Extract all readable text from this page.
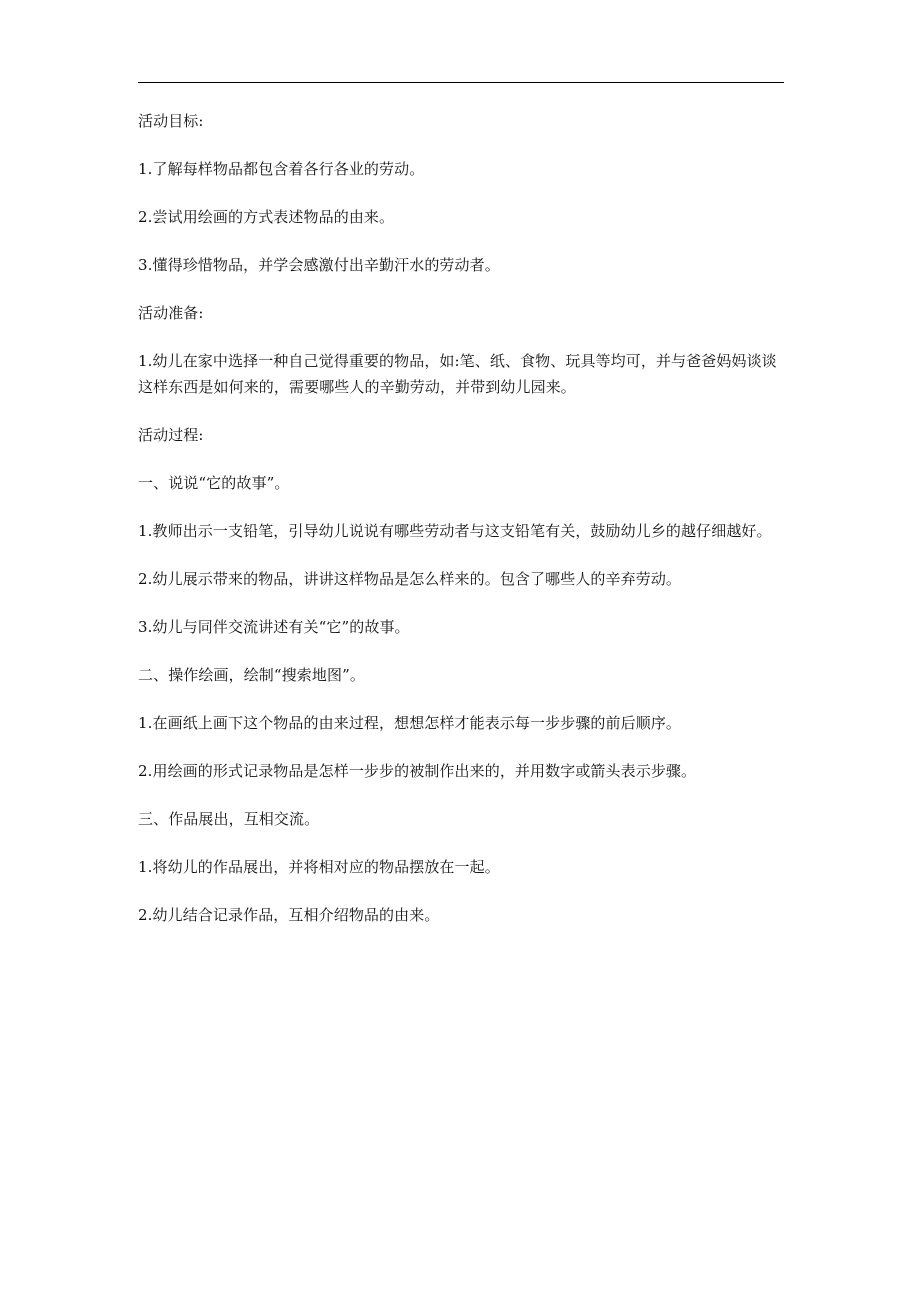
活动目标:

1.了解每样物品都包含着各行各业的劳动。

2.尝试用绘画的方式表述物品的由来。

3.懂得珍惜物品，并学会感激付出辛勤汗水的劳动者。

活动准备:

1.幼儿在家中选择一种自己觉得重要的物品，如:笔、纸、食物、玩具等均可，并与爸爸妈妈谈谈这样东西是如何来的，需要哪些人的辛勤劳动，并带到幼儿园来。

活动过程:

一、说说“它的故事”。

1.教师出示一支铅笔，引导幼儿说说有哪些劳动者与这支铅笔有关，鼓励幼儿乡的越仔细越好。

2.幼儿展示带来的物品，讲讲这样物品是怎么样来的。包含了哪些人的辛弃劳动。

3.幼儿与同伴交流讲述有关“它”的故事。

二、操作绘画，绘制“搜索地图”。

1.在画纸上画下这个物品的由来过程，想想怎样才能表示每一步步骤的前后顺序。

2.用绘画的形式记录物品是怎样一步步的被制作出来的，并用数字或箭头表示步骤。

三、作品展出，互相交流。

1.将幼儿的作品展出，并将相对应的物品摆放在一起。

2.幼儿结合记录作品，互相介绍物品的由来。
